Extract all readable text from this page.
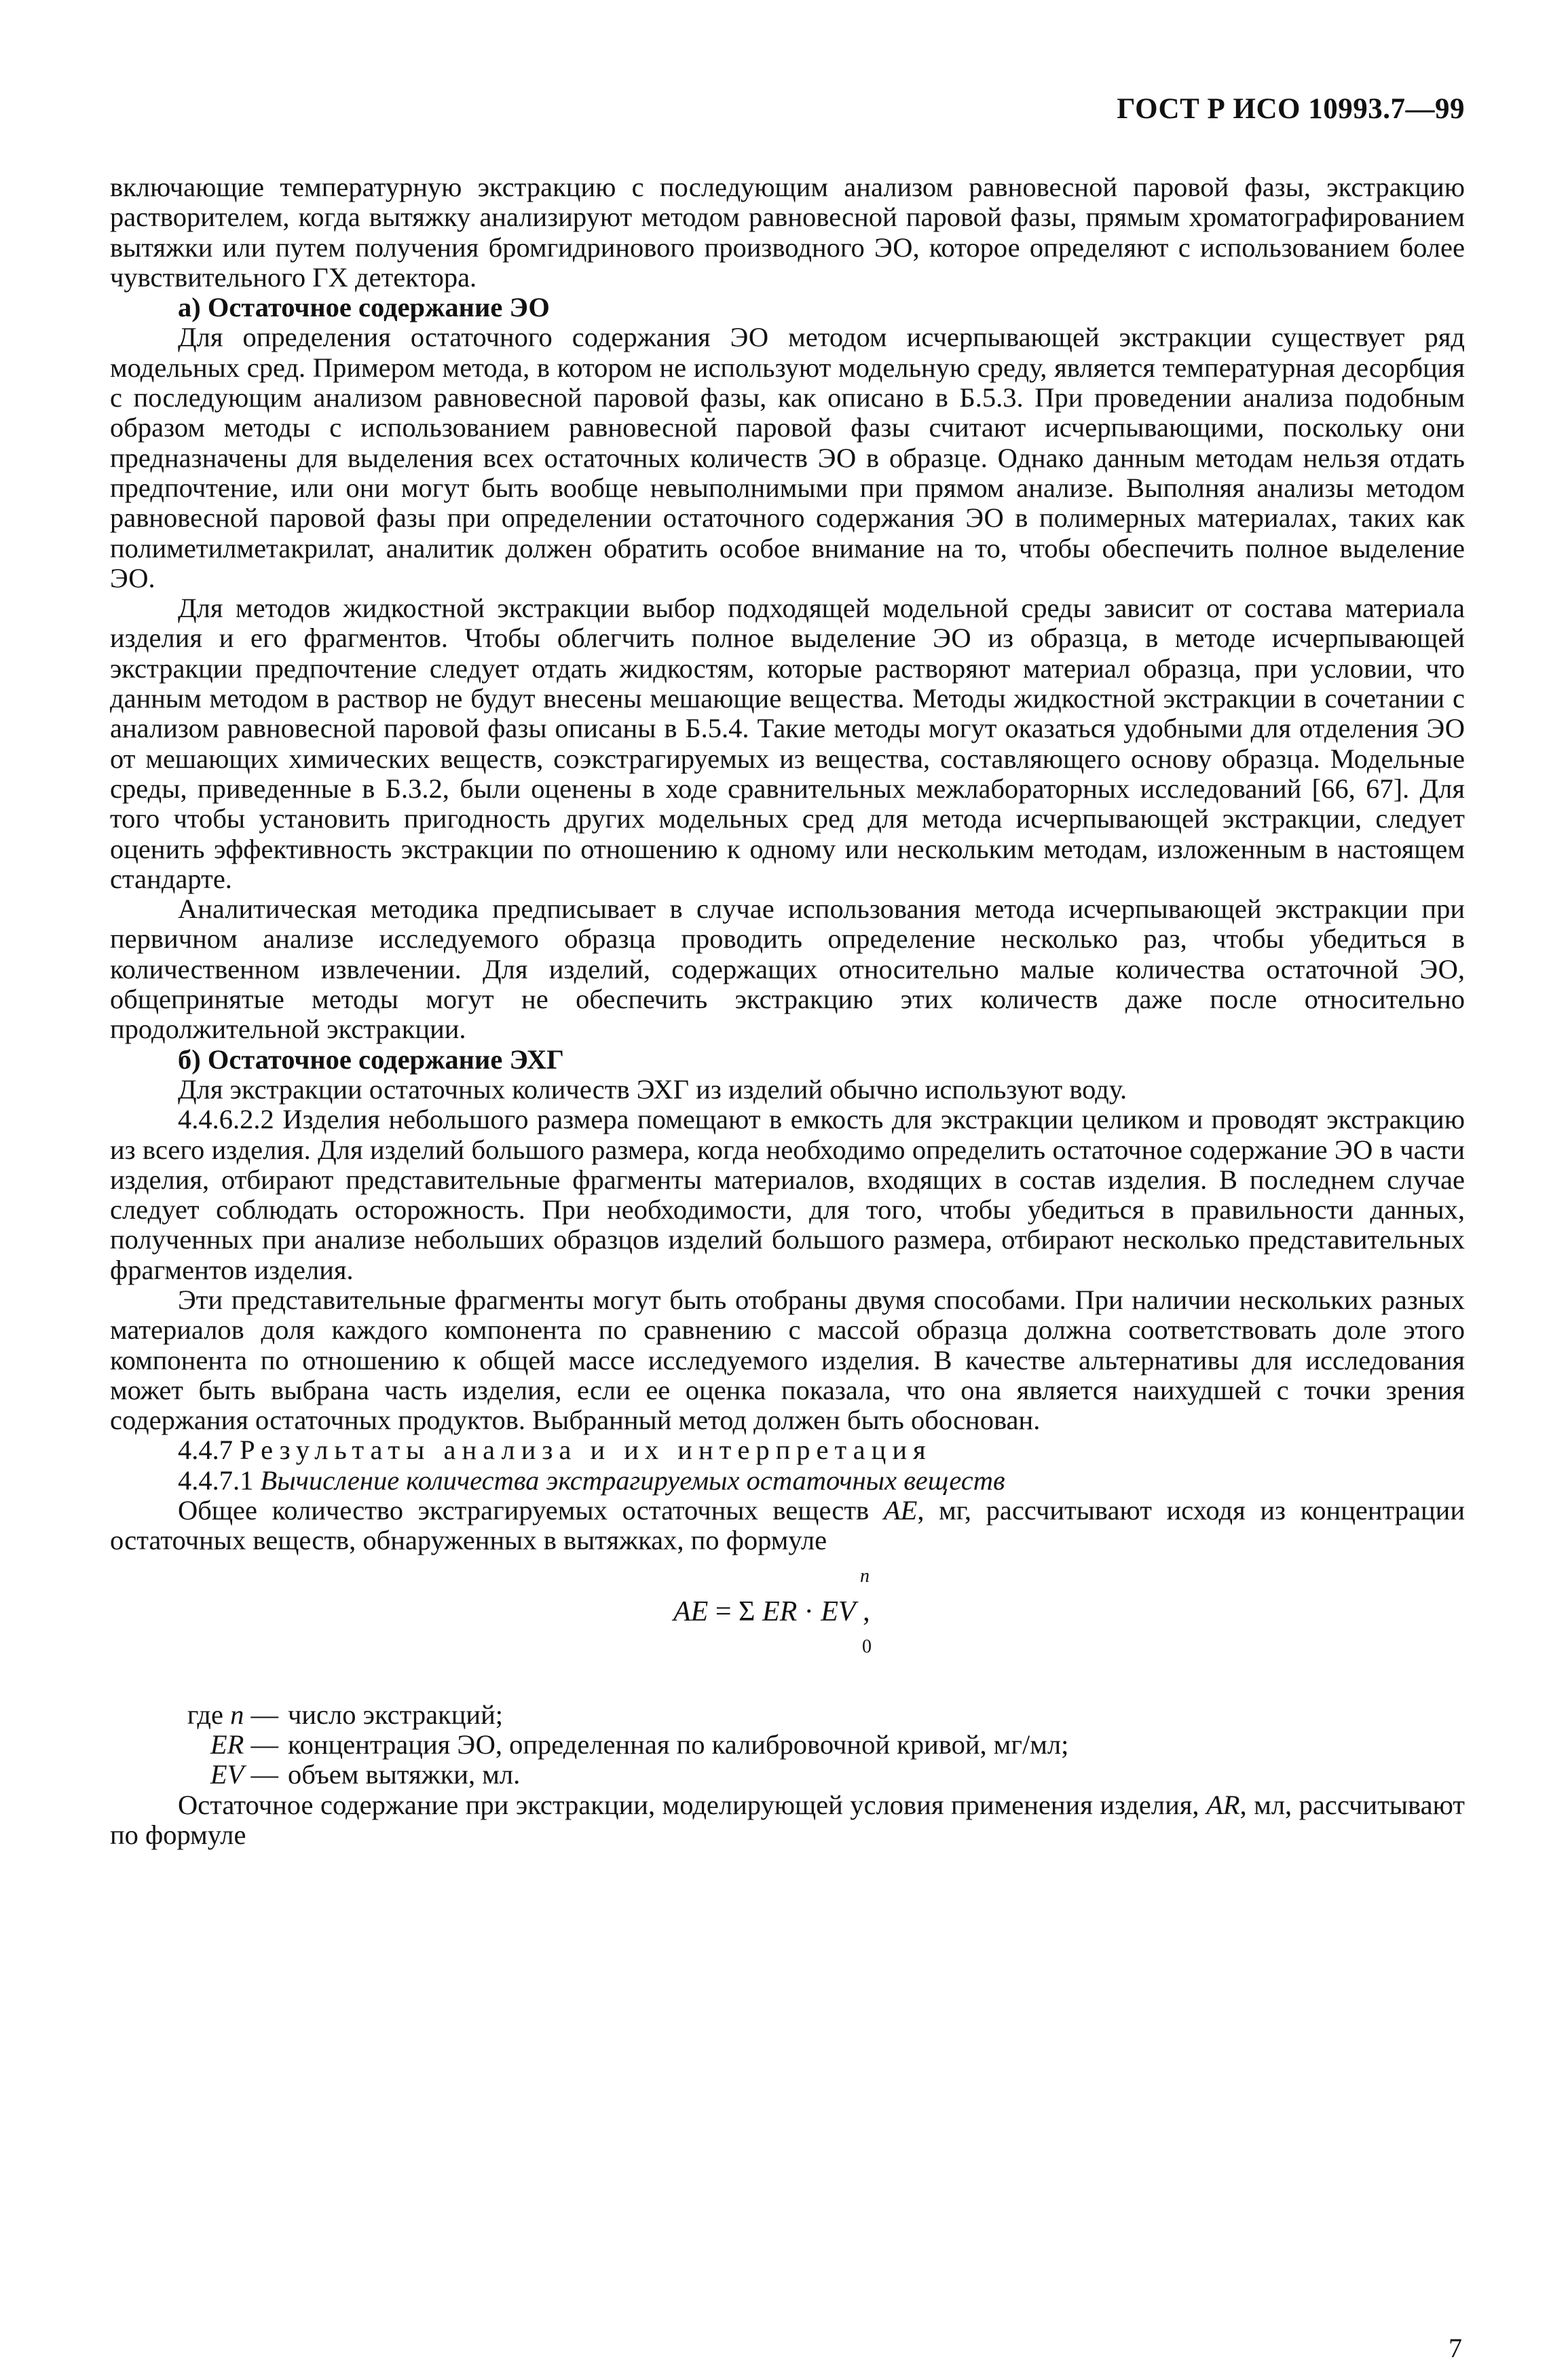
ГОСТ Р ИСО 10993.7—99

включающие температурную экстракцию с последующим анализом равновесной паровой фазы, экстракцию растворителем, когда вытяжку анализируют методом равновесной паровой фазы, прямым хроматографированием вытяжки или путем получения бромгидринового производного ЭО, которое определяют с использованием более чувствительного ГХ детектора.

а) Остаточное содержание ЭО

Для определения остаточного содержания ЭО методом исчерпывающей экстракции существует ряд модельных сред. Примером метода, в котором не используют модельную среду, является температурная десорбция с последующим анализом равновесной паровой фазы, как описано в Б.5.3. При проведении анализа подобным образом методы с использованием равновесной паровой фазы считают исчерпывающими, поскольку они предназначены для выделения всех остаточных количеств ЭО в образце. Однако данным методам нельзя отдать предпочтение, или они могут быть вообще невыполнимыми при прямом анализе. Выполняя анализы методом равновесной паровой фазы при определении остаточного содержания ЭО в полимерных материалах, таких как полиметилметакрилат, аналитик должен обратить особое внимание на то, чтобы обеспечить полное выделение ЭО.

Для методов жидкостной экстракции выбор подходящей модельной среды зависит от состава материала изделия и его фрагментов. Чтобы облегчить полное выделение ЭО из образца, в методе исчерпывающей экстракции предпочтение следует отдать жидкостям, которые растворяют материал образца, при условии, что данным методом в раствор не будут внесены мешающие вещества. Методы жидкостной экстракции в сочетании с анализом равновесной паровой фазы описаны в Б.5.4. Такие методы могут оказаться удобными для отделения ЭО от мешающих химических веществ, соэкстрагируемых из вещества, составляющего основу образца. Модельные среды, приведенные в Б.3.2, были оценены в ходе сравнительных межлабораторных исследований [66, 67]. Для того чтобы установить пригодность других модельных сред для метода исчерпывающей экстракции, следует оценить эффективность экстракции по отношению к одному или нескольким методам, изложенным в настоящем стандарте.

Аналитическая методика предписывает в случае использования метода исчерпывающей экстракции при первичном анализе исследуемого образца проводить определение несколько раз, чтобы убедиться в количественном извлечении. Для изделий, содержащих относительно малые количества остаточной ЭО, общепринятые методы могут не обеспечить экстракцию этих количеств даже после относительно продолжительной экстракции.

б) Остаточное содержание ЭХГ

Для экстракции остаточных количеств ЭХГ из изделий обычно используют воду.

4.4.6.2.2 Изделия небольшого размера помещают в емкость для экстракции целиком и проводят экстракцию из всего изделия. Для изделий большого размера, когда необходимо определить остаточное содержание ЭО в части изделия, отбирают представительные фрагменты материалов, входящих в состав изделия. В последнем случае следует соблюдать осторожность. При необходимости, для того, чтобы убедиться в правильности данных, полученных при анализе небольших образцов изделий большого размера, отбирают несколько представительных фрагментов изделия.

Эти представительные фрагменты могут быть отобраны двумя способами. При наличии нескольких разных материалов доля каждого компонента по сравнению с массой образца должна соответствовать доле этого компонента по отношению к общей массе исследуемого изделия. В качестве альтернативы для исследования может быть выбрана часть изделия, если ее оценка показала, что она является наихудшей с точки зрения содержания остаточных продуктов. Выбранный метод должен быть обоснован.

4.4.7 Результаты анализа и их интерпретация

4.4.7.1 Вычисление количества экстрагируемых остаточных веществ

Общее количество экстрагируемых остаточных веществ AE, мг, рассчитывают исходя из концентрации остаточных веществ, обнаруженных в вытяжках, по формуле

n
AE = Σ ER · EV ,
0
где n — число экстракций;
ER — концентрация ЭО, определенная по калибровочной кривой, мг/мл;
EV — объем вытяжки, мл.

Остаточное содержание при экстракции, моделирующей условия применения изделия, AR, мл, рассчитывают по формуле

7
